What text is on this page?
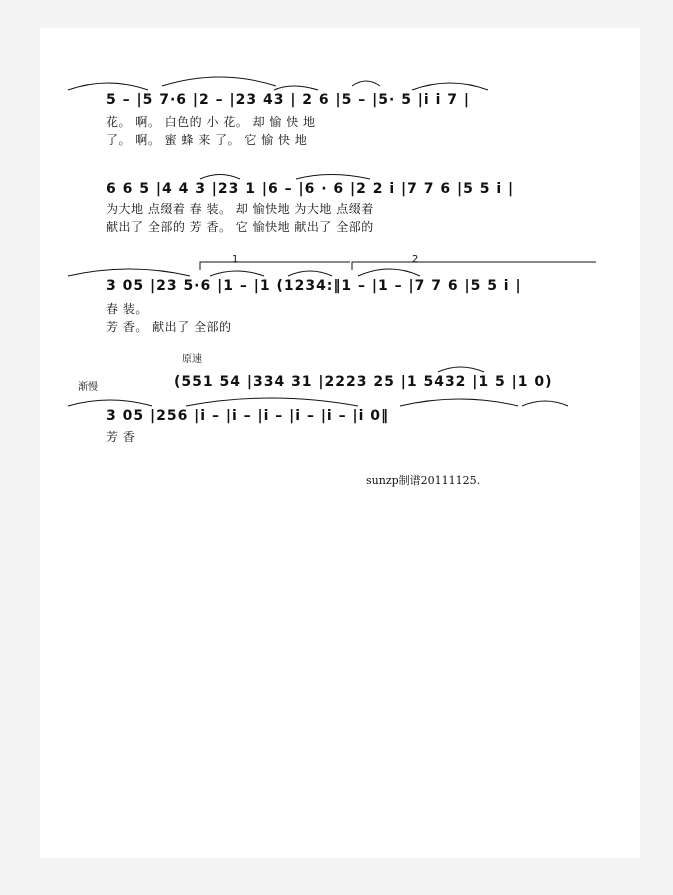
5 – |5 7·6 |2 – |23 43 | 2 6 |5 – |5· 5 |i i 7 |
花。 啊。 白色的 小 花。 却 愉 快 地
了。 啊。 蜜 蜂 来 了。 它 愉 快 地
6 6 5 |4 4 3 |23 1 |6 – |6 · 6 |2 2 i |7 7 6 |5 5 i |
为大地 点缀着 春 装。 却 愉快地 为大地 点缀着
献出了 全部的 芳 香。 它 愉快地 献出了 全部的
1	2
3 05 |23 5·6 |1 – |1 (1234:‖1 – |1 – |7 7 6 |5 5 i |
春 装。
芳 香。 献出了 全部的
原速
渐慢	(551 54 |334 31 |2223 25 |1 5432 |1 5 |1 0)
3 05 |256 |i – |i – |i – |i – |i – |i 0‖
芳 香
sunzp制谱20111125.
